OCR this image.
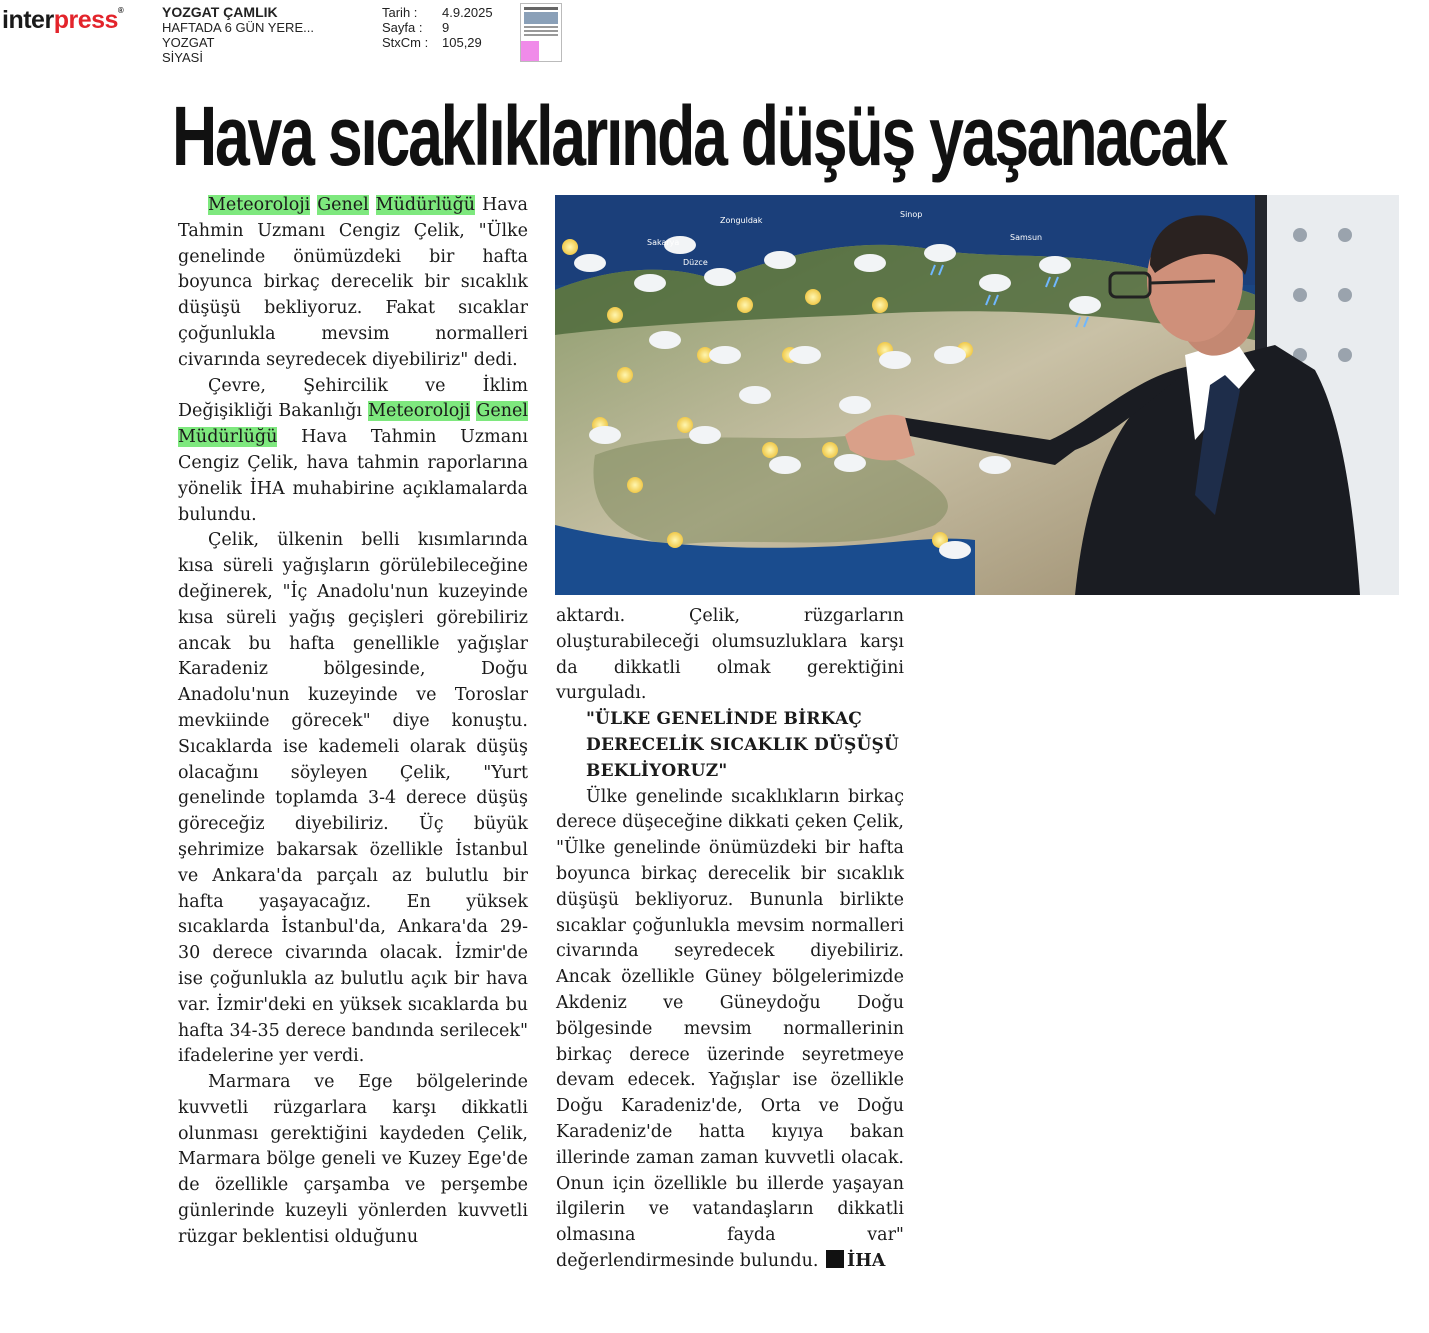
interpress®	YOZGAT ÇAMLIK
HAFTADA 6 GÜN YERE...
YOZGAT
SİYASİ
Tarih :	4.9.2025
Sayfa :	9
StxCm :	105,29
Hava sıcaklıklarında düşüş yaşanacak

Meteoroloji Genel Müdürlüğü Hava Tahmin Uzmanı Cengiz Çelik, "Ülke genelinde önümüzdeki bir hafta boyunca birkaç derecelik bir sıcaklık düşüşü bekliyoruz. Fakat sıcaklar çoğunlukla mevsim normalleri civarında seyredecek diyebiliriz" dedi.

Çevre, Şehircilik ve İklim Değişikliği Bakanlığı Meteoroloji Genel Müdürlüğü Hava Tahmin Uzmanı Cengiz Çelik, hava tahmin raporlarına yönelik İHA muhabirine açıklamalarda bulundu.

Çelik, ülkenin belli kısımlarında kısa süreli yağışların görülebileceğine değinerek, "İç Anadolu'nun kuzeyinde kısa süreli yağış geçişleri görebiliriz ancak bu hafta genellikle yağışlar Karadeniz bölgesinde, Doğu Anadolu'nun kuzeyinde ve Toroslar mevkiinde görecek" diye konuştu. Sıcaklarda ise kademeli olarak düşüş olacağını söyleyen Çelik, "Yurt genelinde toplamda 3-4 derece düşüş göreceğiz diyebiliriz. Üç büyük şehrimize bakarsak özellikle İstanbul ve Ankara'da parçalı az bulutlu bir hafta yaşayacağız. En yüksek sıcaklarda İstanbul'da, Ankara'da 29-30 derece civarında olacak. İzmir'de ise çoğunlukla az bulutlu açık bir hava var. İzmir'deki en yüksek sıcaklarda bu hafta 34-35 derece bandında serilecek" ifadelerine yer verdi.

Marmara ve Ege bölgelerinde kuvvetli rüzgarlara karşı dikkatli olunması gerektiğini kaydeden Çelik, Marmara bölge geneli ve Kuzey Ege'de de özellikle çarşamba ve perşembe günlerinde kuzeyli yönlerden kuvvetli rüzgar beklentisi olduğunu

Zonguldak
Sakarya
Düzce
Sinop
Samsun

aktardı. Çelik, rüzgarların oluşturabileceği olumsuzluklara karşı da dikkatli olmak gerektiğini vurguladı.

"ÜLKE GENELİNDE BİRKAÇ DERECELİK SICAKLIK DÜŞÜŞÜ BEKLİYORUZ"

Ülke genelinde sıcaklıkların birkaç derece düşeceğine dikkati çeken Çelik, "Ülke genelinde önümüzdeki bir hafta boyunca birkaç derecelik bir sıcaklık düşüşü bekliyoruz. Bununla birlikte sıcaklar çoğunlukla mevsim normalleri civarında seyredecek diyebiliriz. Ancak özellikle Güney bölgelerimizde Akdeniz ve Güneydoğu Doğu bölgesinde mevsim normallerinin birkaç derece üzerinde seyretmeye devam edecek. Yağışlar ise özellikle Doğu Karadeniz'de, Orta ve Doğu Karadeniz'de hatta kıyıya bakan illerinde zaman zaman kuvvetli olacak. Onun için özellikle bu illerde yaşayan ilgilerin ve vatandaşların dikkatli olmasına fayda var" değerlendirmesinde bulundu. İHA
